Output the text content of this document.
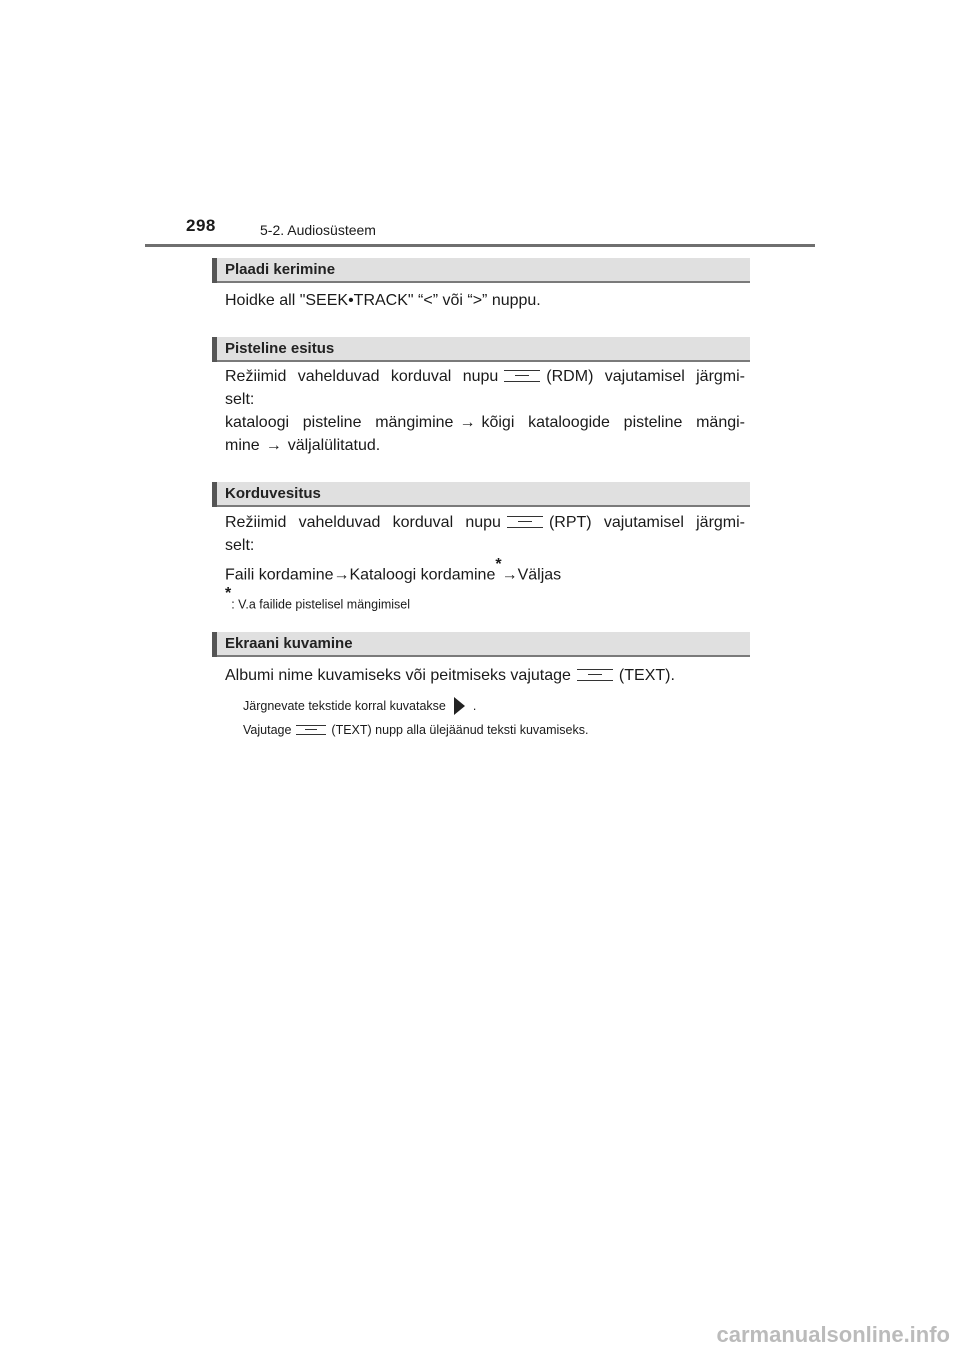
298	5-2. Audiosüsteem
Plaadi kerimine
Hoidke all "SEEK•TRACK" “<” või “>” nuppu.
Pisteline esitus
Režiimid vahelduvad korduval nupu	(RDM) vajutamisel järgmi-
selt:
kataloogi pisteline mängimine → kõigi kataloogide pisteline mängi-
mine → väljalülitatud.
Korduvesitus
Režiimid vahelduvad korduval nupu	(RPT) vajutamisel järgmi-
selt:
Faili kordamine→Kataloogi kordamine*→Väljas
*: V.a failide pistelisel mängimisel
Ekraani kuvamine
Albumi nime kuvamiseks või peitmiseks vajutage	(TEXT).
Järgnevate tekstide korral kuvatakse .
Vajutage	(TEXT) nupp alla ülejäänud teksti kuvamiseks.
carmanualsonline.info
